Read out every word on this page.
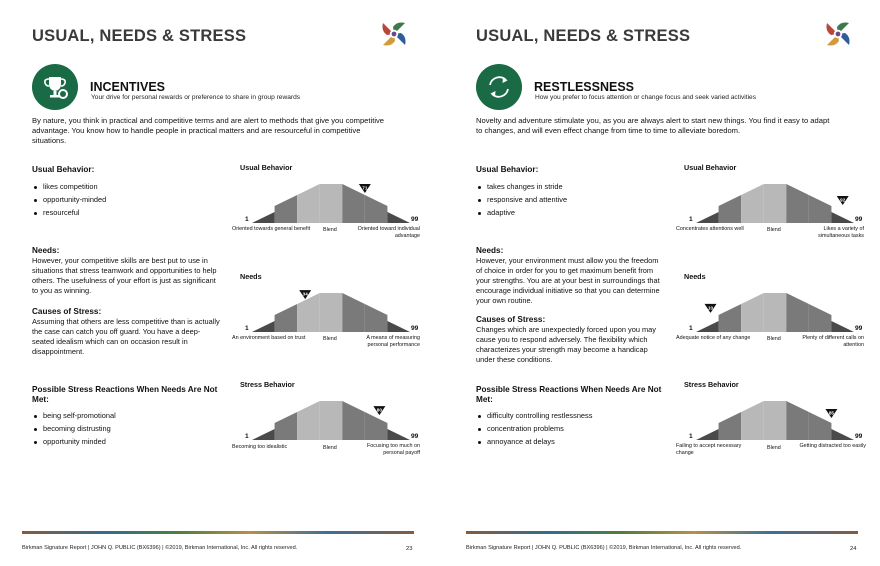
USUAL, NEEDS & STRESS
INCENTIVES
Your drive for personal rewards or preference to share in group rewards
By nature, you think in practical and competitive terms and are alert to methods that give you competitive advantage. You know how to handle people in practical matters and are resourceful in competitive situations.
Usual Behavior:
likes competition
opportunity-minded
resourceful
Needs:
However, your competitive skills are best put to use in situations that stress teamwork and opportunities to help others. The usefulness of your effort is just as significant to you as winning.
Causes of Stress:
Assuming that others are less competitive than is actually the case can catch you off guard. You have a deep-seated idealism which can on occasion result in disappointment.
Possible Stress Reactions When Needs Are Not Met:
being self-promotional
becoming distrusting
opportunity minded
Usual Behavior
71
1	99
Oriented towards general benefit	Blend	Oriented toward individual advantage
Needs
34
1	99
An environment based on trust	Blend	A means of measuring personal performance
Stress Behavior
80
1	99
Becoming too idealistic	Blend	Focusing too much on personal payoff
Birkman Signature Report | JOHN Q. PUBLIC (BX6396) | ©2019, Birkman International, Inc. All rights reserved.	23
USUAL, NEEDS & STRESS
RESTLESSNESS
How you prefer to focus attention or change focus and seek varied activities
Novelty and adventure stimulate you, as you are always alert to start new things. You find it easy to adapt to changes, and will even effect change from time to time to alleviate boredom.
Usual Behavior:
takes changes in stride
responsive and attentive
adaptive
Needs:
However, your environment must allow you the freedom of choice in order for you to get maximum benefit from your strengths. You are at your best in surroundings that encourage individual initiative so that you can determine your own routine.
Causes of Stress:
Changes which are unexpectedly forced upon you may cause you to respond adversely. The flexibility which characterizes your strength may become a handicap under these conditions.
Possible Stress Reactions When Needs Are Not Met:
difficulty controlling restlessness
concentration problems
annoyance at delays
Usual Behavior
92
1	99
Concentrates attentions well	Blend	Likes a variety of simultaneous tasks
Needs
10
1	99
Adequate notice of any change	Blend	Plenty of different calls on attention
Stress Behavior
85
1	99
Failing to accept necessary change
Blend	Getting distracted too easily
Birkman Signature Report | JOHN Q. PUBLIC (BX6396) | ©2019, Birkman International, Inc. All rights reserved.	24
